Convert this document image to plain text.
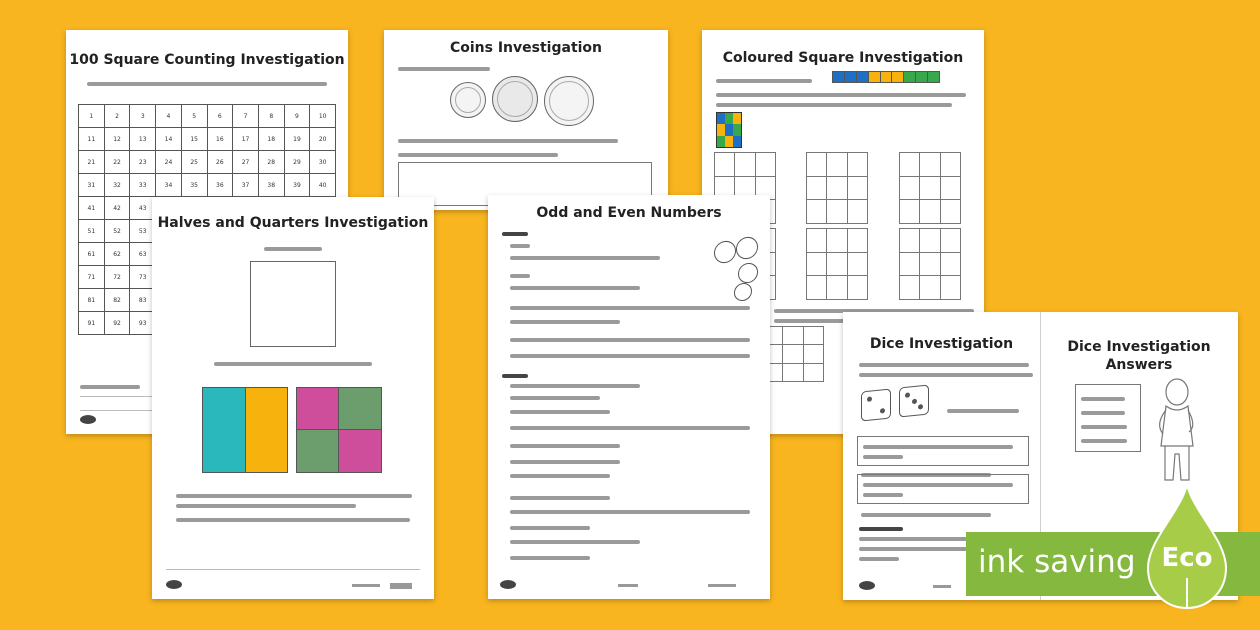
100 Square Counting Investigation
1	2	3	4	5	6	7	8	9	10
11	12	13	14	15	16	17	18	19	20
21	22	23	24	25	26	27	28	29	30
31	32	33	34	35	36	37	38	39	40
41	42	43
51	52	53
61	62	63
71	72	73
81	82	83
91	92	93
Coins Investigation
Coloured Square Investigation
Halves and Quarters Investigation
Odd and Even Numbers
Dice Investigation	Dice Investigation Answers
ink saving Eco
